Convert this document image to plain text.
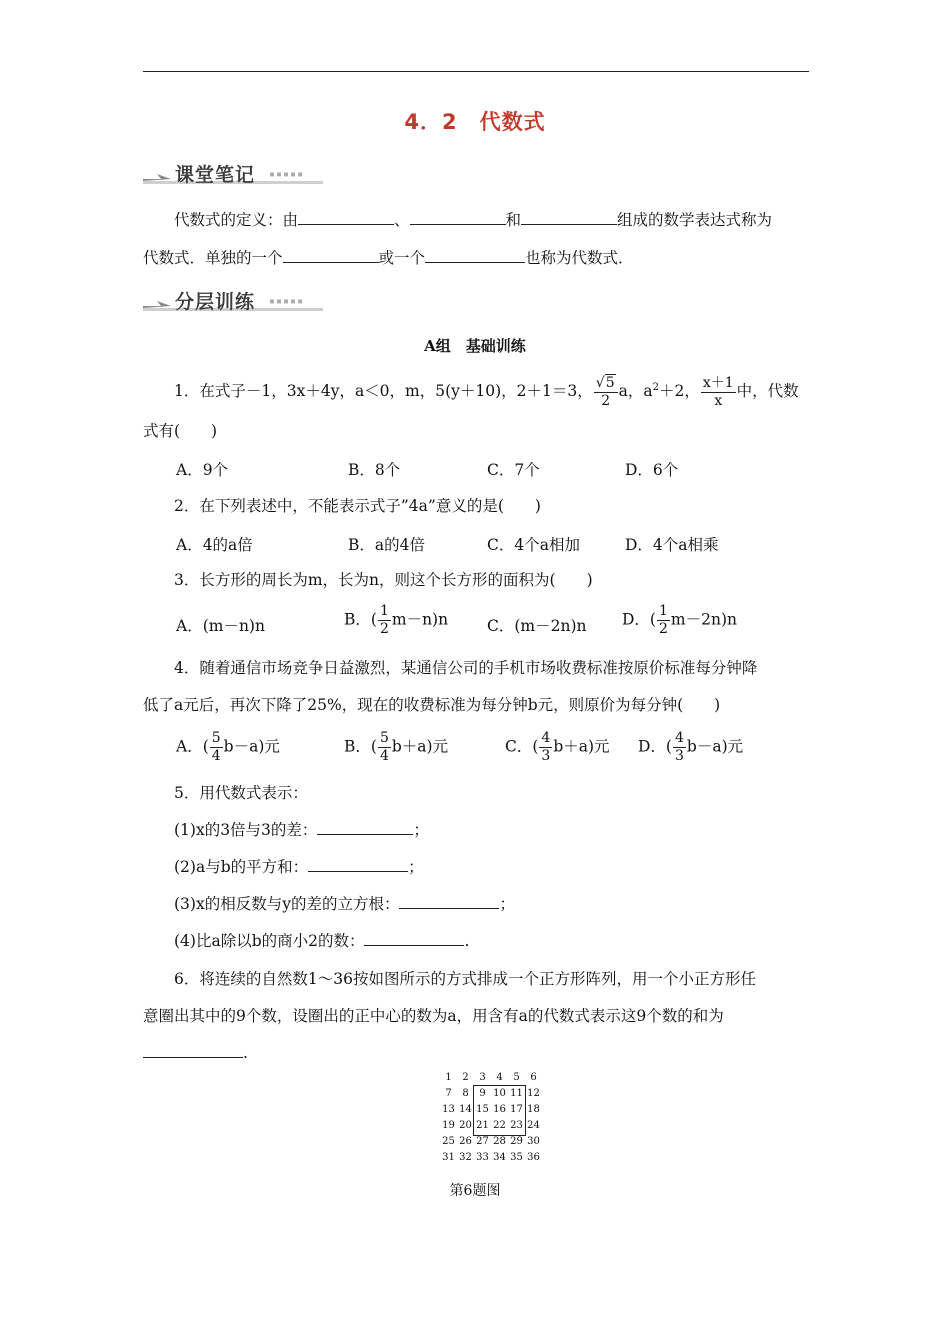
4．2　代数式
课堂笔记 ▪▪▪▪▪
代数式的定义：由	、	和	组成的数学表达式称为
代数式．单独的一个	或一个	也称为代数式．
分层训练 ▪▪▪▪▪
A组　基础训练
1．在式子－1，3x＋4y，a＜0，m，5(y＋10)，2＋1＝3， $\frac{√5}{2}$ a，$a^2+2$， $\frac{x+1}{x}$ 中，代数
式有(　　)
A．9个	B．8个	C．7个	D．6个
2．在下列表述中，不能表示式子”4a”意义的是(　　)
A．4的a倍	B．a的4倍	C．4个a相加	D．4个a相乘
3．长方形的周长为m，长为n，则这个长方形的面积为(　　)
A．(m－n)n	B．( $\frac{1}{2} m-n)n$	C．(m－2n)n D．( $\frac{1}{2} m-2n)n$
4．随着通信市场竞争日益激烈，某通信公司的手机市场收费标准按原价标准每分钟降
低了a元后，再次下降了25%，现在的收费标准为每分钟b元，则原价为每分钟(　　)
A．( $\frac{5}{4} b-a$)元	B．( $\frac{5}{4} b+a$)元	C．( $\frac{4}{3} b+a$)元 D．( $\frac{4}{3} b-a$)元
5．用代数式表示：
(1)x的3倍与3的差：	；
(2)a与b的平方和：	；
(3)x的相反数与y的差的立方根：	；
(4)比a除以b的商小2的数：	.
6．将连续的自然数1～36按如图所示的方式排成一个正方形阵列，用一个小正方形任
意圈出其中的9个数，设圈出的正中心的数为a，用含有a的代数式表示这9个数的和为
.
1	2	3	4	5	6
7	8	9	10	11	12
13	14	15	16	17	18
19	20	21	22	23	24
25	26	27	28	29	30
31	32	33	34	35	36
第6题图
